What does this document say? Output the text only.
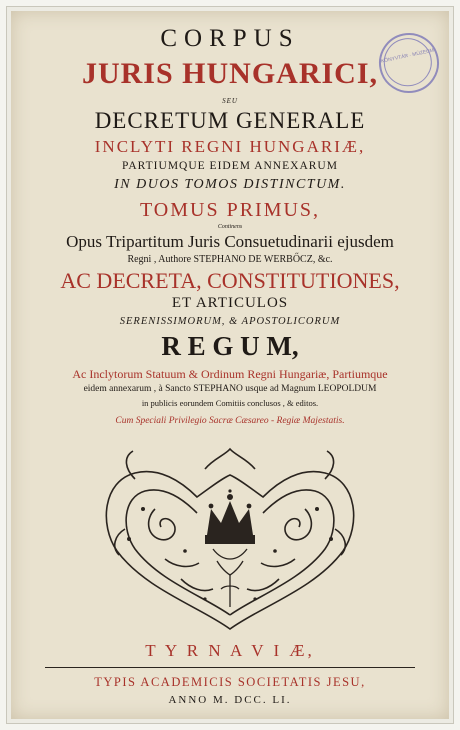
KÖNYVTÁR · MÚZEUM
CORPUS
JURIS HUNGARICI,
SEU
DECRETUM GENERALE
INCLYTI REGNI HUNGARIÆ,
PARTIUMQUE EIDEM ANNEXARUM
IN DUOS TOMOS DISTINCTUM.
TOMUS PRIMUS,
Continens
Opus Tripartitum Juris Consuetudinarii ejusdem
Regni , Authore STEPHANO DE WERBŐCZ, &c.
AC DECRETA, CONSTITUTIONES,
ET ARTICULOS
SERENISSIMORUM, & APOSTOLICORUM
R E G U M,
Ac Inclytorum Statuum & Ordinum Regni Hungariæ, Partiumque
eidem annexarum , à Sancto STEPHANO usque ad Magnum LEOPOLDUM
in publicis eorundem Comitiis conclusos , & editos.
Cum Speciali Privilegio Sacræ Cæsareo - Regiæ Majestatis.
T Y R N A V I Æ,
TYPIS ACADEMICIS SOCIETATIS JESU,
ANNO M. DCC. LI.
